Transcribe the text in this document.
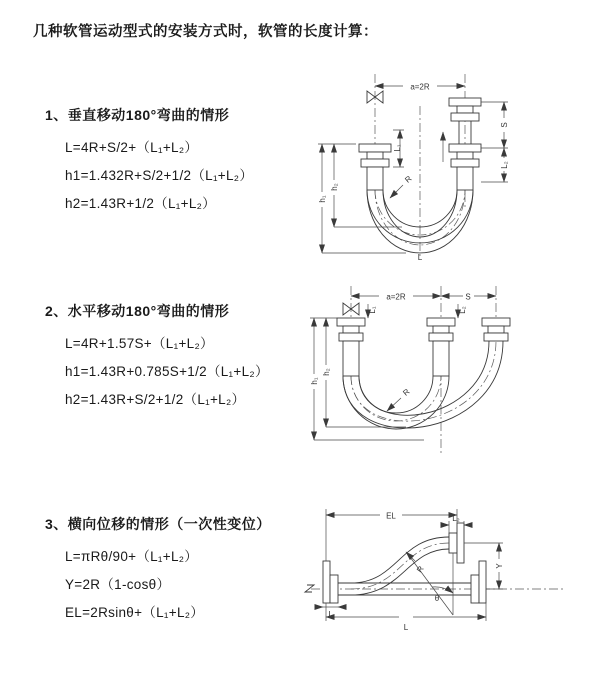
几种软管运动型式的安装方式时，软管的长度计算：
1、垂直移动180°弯曲的情形
L=4R+S/2+（L₁+L₂）
h1=1.432R+S/2+1/2（L₁+L₂）
h2=1.43R+1/2（L₁+L₂）
2、水平移动180°弯曲的情形
L=4R+1.57S+（L₁+L₂）
h1=1.43R+0.785S+1/2（L₁+L₂）
h2=1.43R+S/2+1/2（L₁+L₂）
3、横向位移的情形（一次性变位）
L=πRθ/90+（L₁+L₂）
Y=2R（1-cosθ）
EL=2Rsinθ+（L₁+L₂）
a=2R
S
L₂
L₁
h₁
h₂
R
L
a=2R	S
L₁	L₂
h₁
h₂
R
EL	L₂
Y
R
θ
L₁
L
